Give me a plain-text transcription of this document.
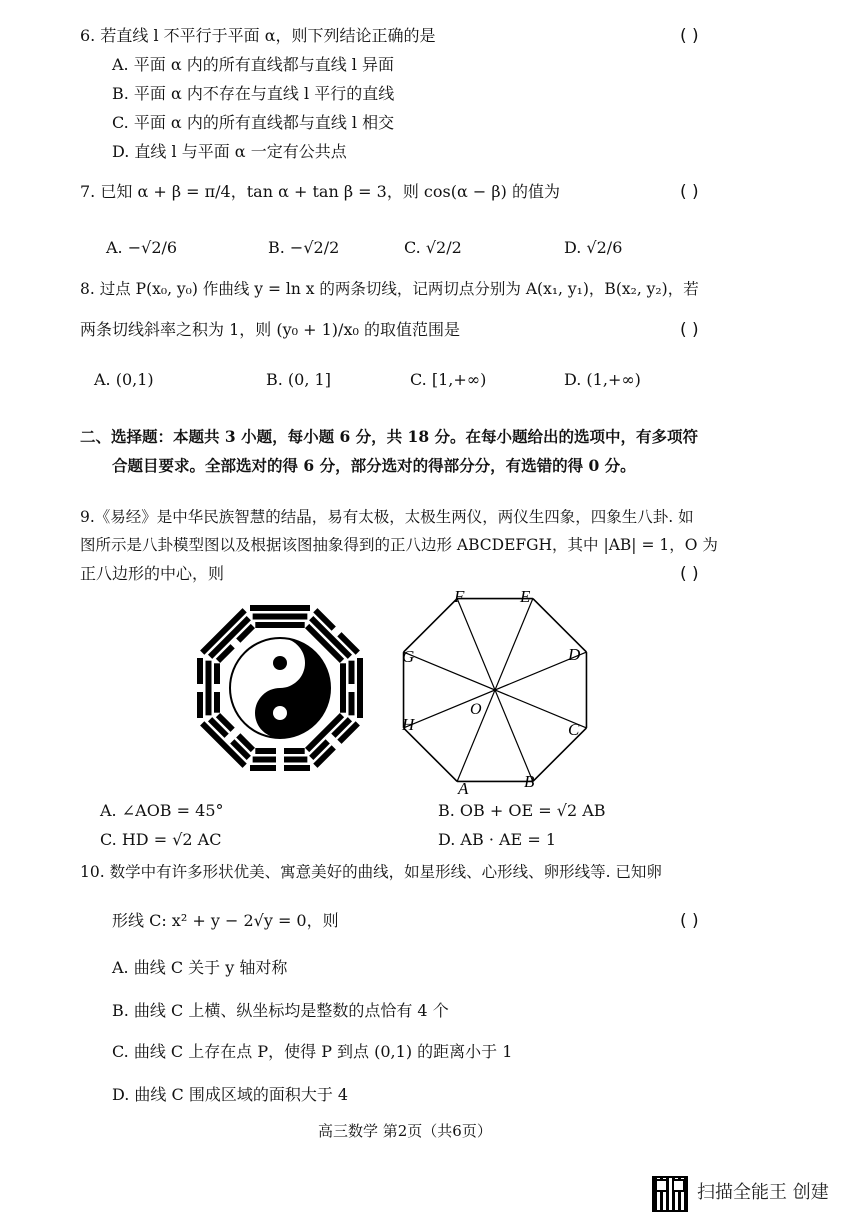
6. 若直线 l 不平行于平面 α，则下列结论正确的是	( )
A. 平面 α 内的所有直线都与直线 l 异面
B. 平面 α 内不存在与直线 l 平行的直线
C. 平面 α 内的所有直线都与直线 l 相交
D. 直线 l 与平面 α 一定有公共点
7. 已知 α + β = π/4，tan α + tan β = 3，则 cos(α − β) 的值为	( )
A. −√2/6	B. −√2/2	C. √2/2	D. √2/6
8. 过点 P(x₀, y₀) 作曲线 y = ln x 的两条切线，记两切点分别为 A(x₁, y₁)，B(x₂, y₂)，若
两条切线斜率之积为 1，则 (y₀ + 1)/x₀ 的取值范围是	( )
A. (0,1)	B. (0, 1]	C. [1,+∞)	D. (1,+∞)
二、选择题：本题共 3 小题，每小题 6 分，共 18 分。在每小题给出的选项中，有多项符
合题目要求。全部选对的得 6 分，部分选对的得部分分，有选错的得 0 分。
9.《易经》是中华民族智慧的结晶，易有太极，太极生两仪，两仪生四象，四象生八卦. 如
图所示是八卦模型图以及根据该图抽象得到的正八边形 ABCDEFGH，其中 |AB| = 1，O 为
正八边形的中心，则	( )
A	B
C
D
E
F
G
H
O
A. ∠AOB = 45°	B. OB + OE = √2 AB
C. HD = √2 AC	D. AB · AE = 1
10. 数学中有许多形状优美、寓意美好的曲线，如星形线、心形线、卵形线等. 已知卵
形线 C: x² + y − 2√y = 0，则	( )
A. 曲线 C 关于 y 轴对称
B. 曲线 C 上横、纵坐标均是整数的点恰有 4 个
C. 曲线 C 上存在点 P，使得 P 到点 (0,1) 的距离小于 1
D. 曲线 C 围成区域的面积大于 4
高三数学 第2页（共6页）
扫描全能王 创建
